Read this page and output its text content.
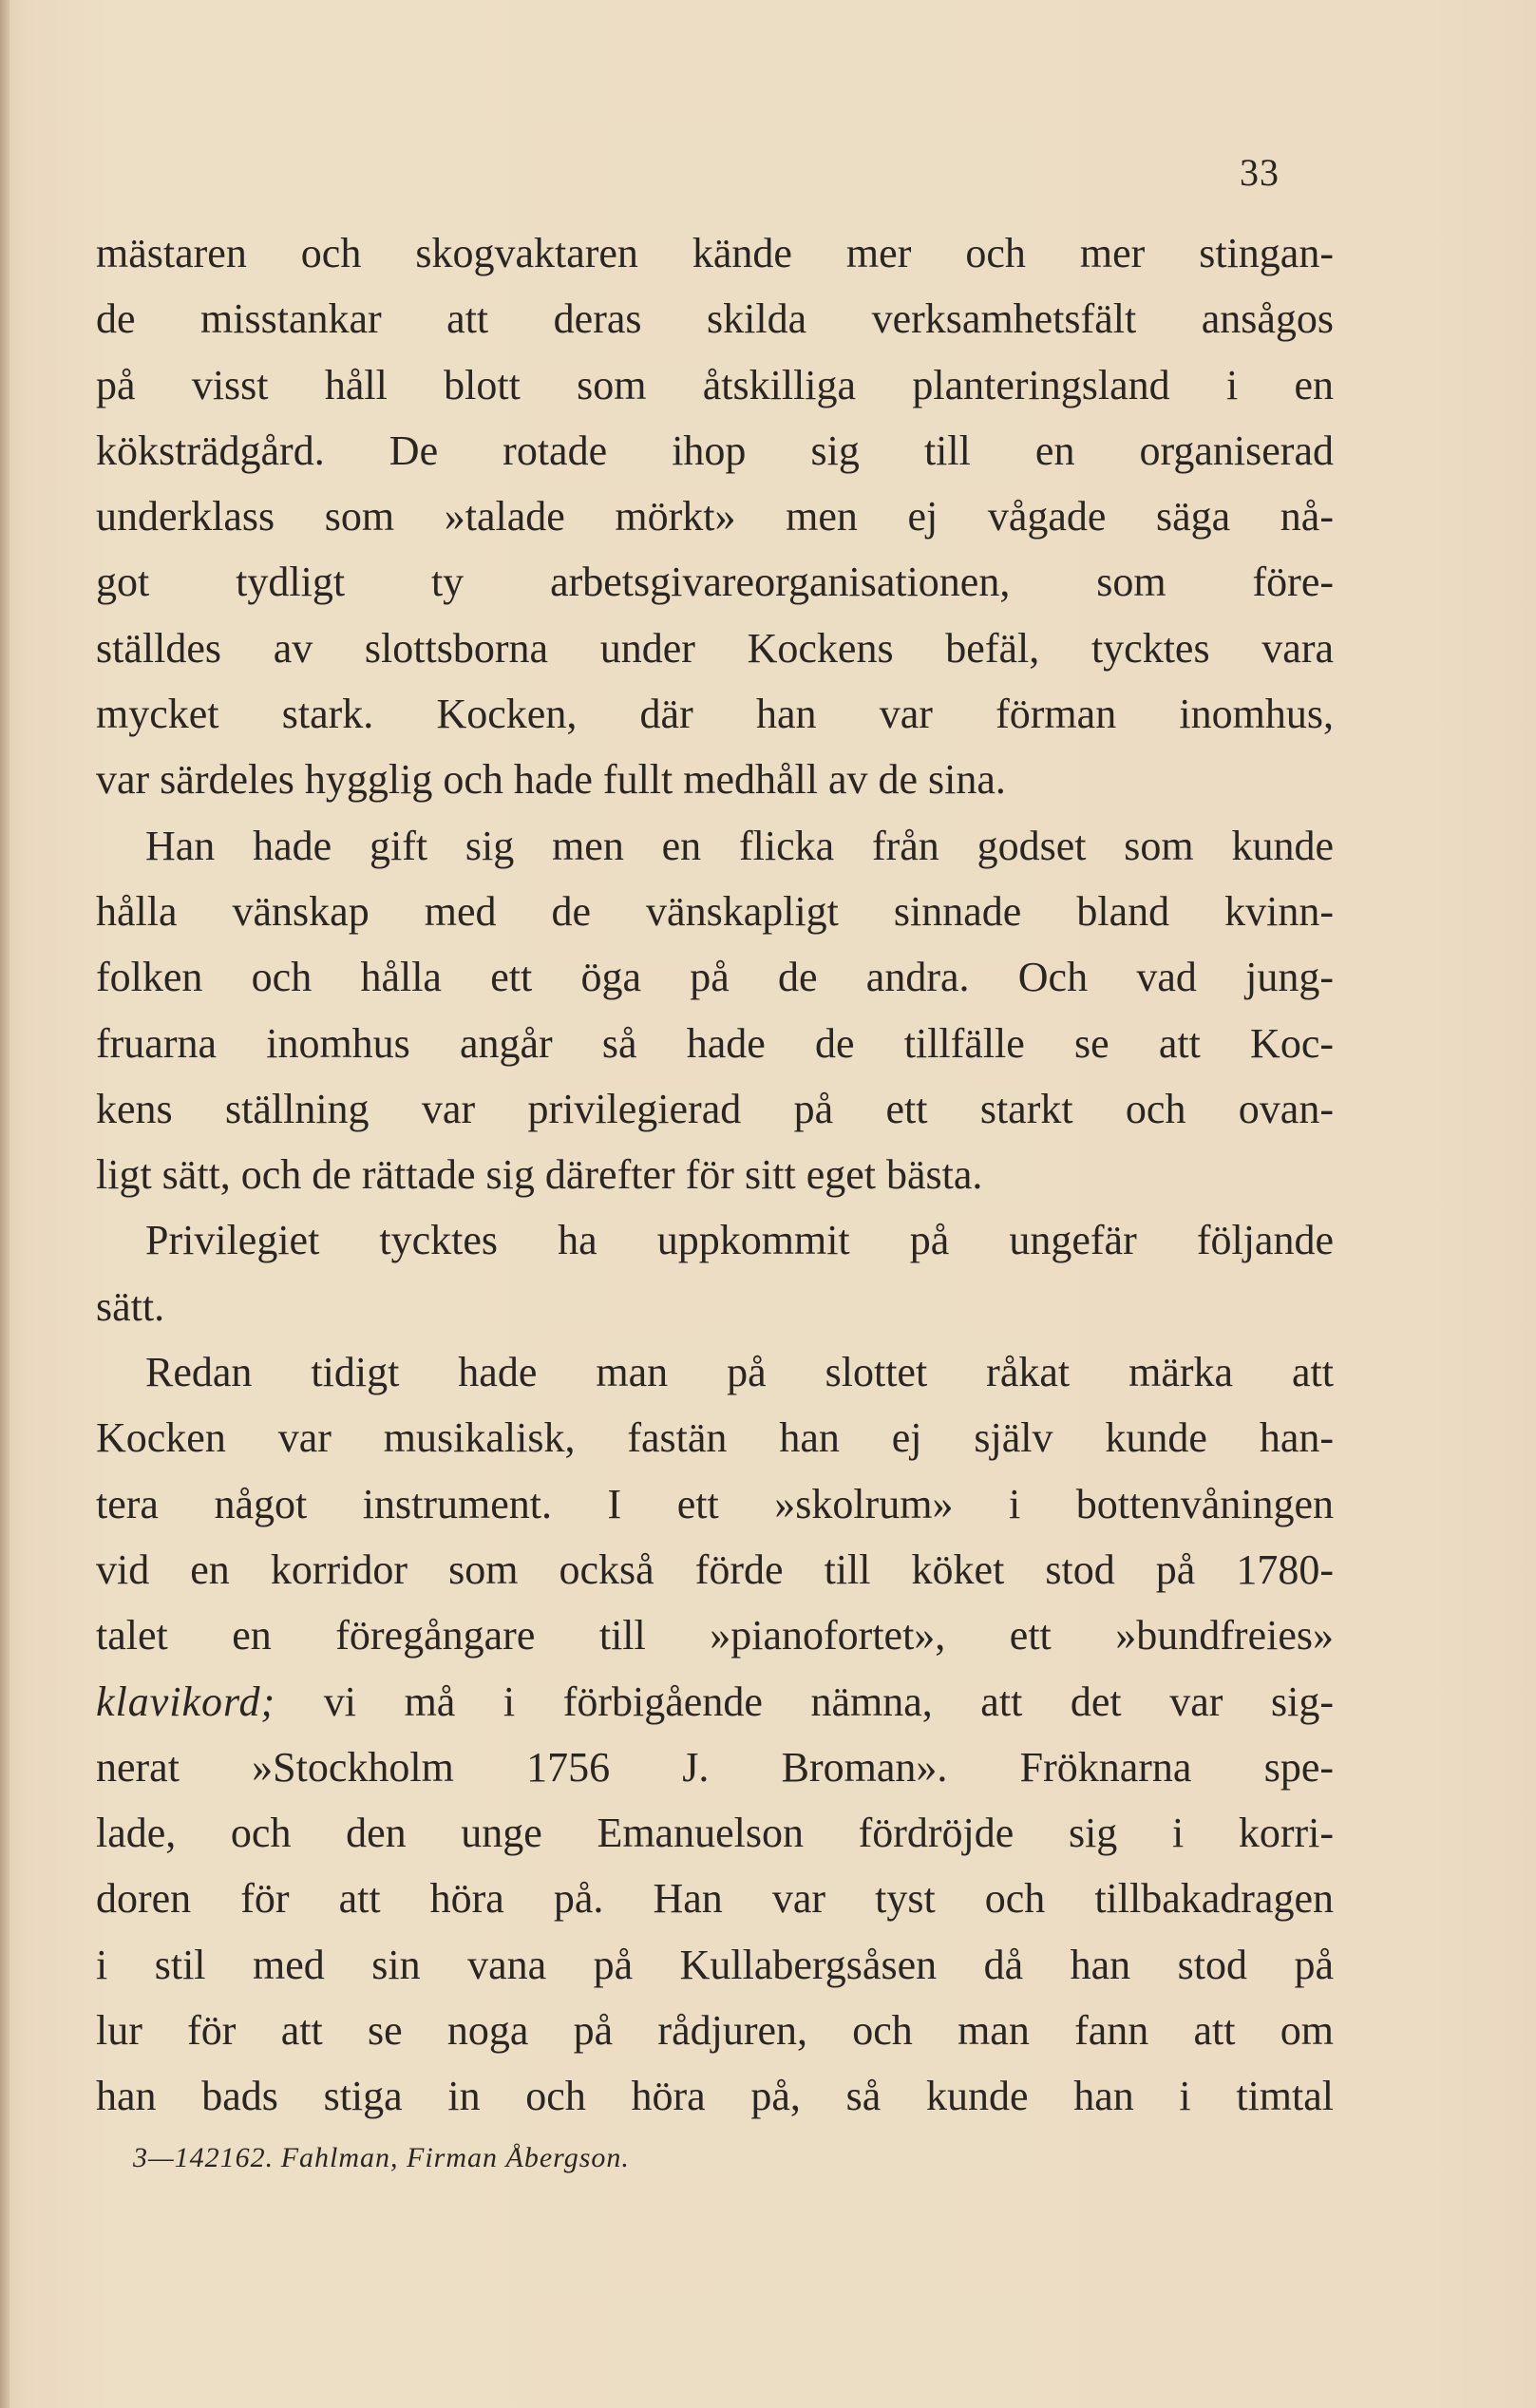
33
mästaren och skogvaktaren kände mer och mer stingan-
de misstankar att deras skilda verksamhetsfält ansågos
på visst håll blott som åtskilliga planteringsland i en
köksträdgård. De rotade ihop sig till en organiserad
underklass som »talade mörkt» men ej vågade säga nå-
got tydligt ty arbetsgivareorganisationen, som före-
ställdes av slottsborna under Kockens befäl, tycktes vara
mycket stark. Kocken, där han var förman inomhus,
var särdeles hygglig och hade fullt medhåll av de sina.
Han hade gift sig men en flicka från godset som kunde
hålla vänskap med de vänskapligt sinnade bland kvinn-
folken och hålla ett öga på de andra. Och vad jung-
fruarna inomhus angår så hade de tillfälle se att Koc-
kens ställning var privilegierad på ett starkt och ovan-
ligt sätt, och de rättade sig därefter för sitt eget bästa.
Privilegiet tycktes ha uppkommit på ungefär följande
sätt.
Redan tidigt hade man på slottet råkat märka att
Kocken var musikalisk, fastän han ej själv kunde han-
tera något instrument. I ett »skolrum» i bottenvåningen
vid en korridor som också förde till köket stod på 1780-
talet en föregångare till »pianofortet», ett »bundfreies»
klavikord; vi må i förbigående nämna, att det var sig-
nerat »Stockholm 1756 J. Broman». Fröknarna spe-
lade, och den unge Emanuelson fördröjde sig i korri-
doren för att höra på. Han var tyst och tillbakadragen
i stil med sin vana på Kullabergsåsen då han stod på
lur för att se noga på rådjuren, och man fann att om
han bads stiga in och höra på, så kunde han i timtal
3—142162. Fahlman, Firman Åbergson.
